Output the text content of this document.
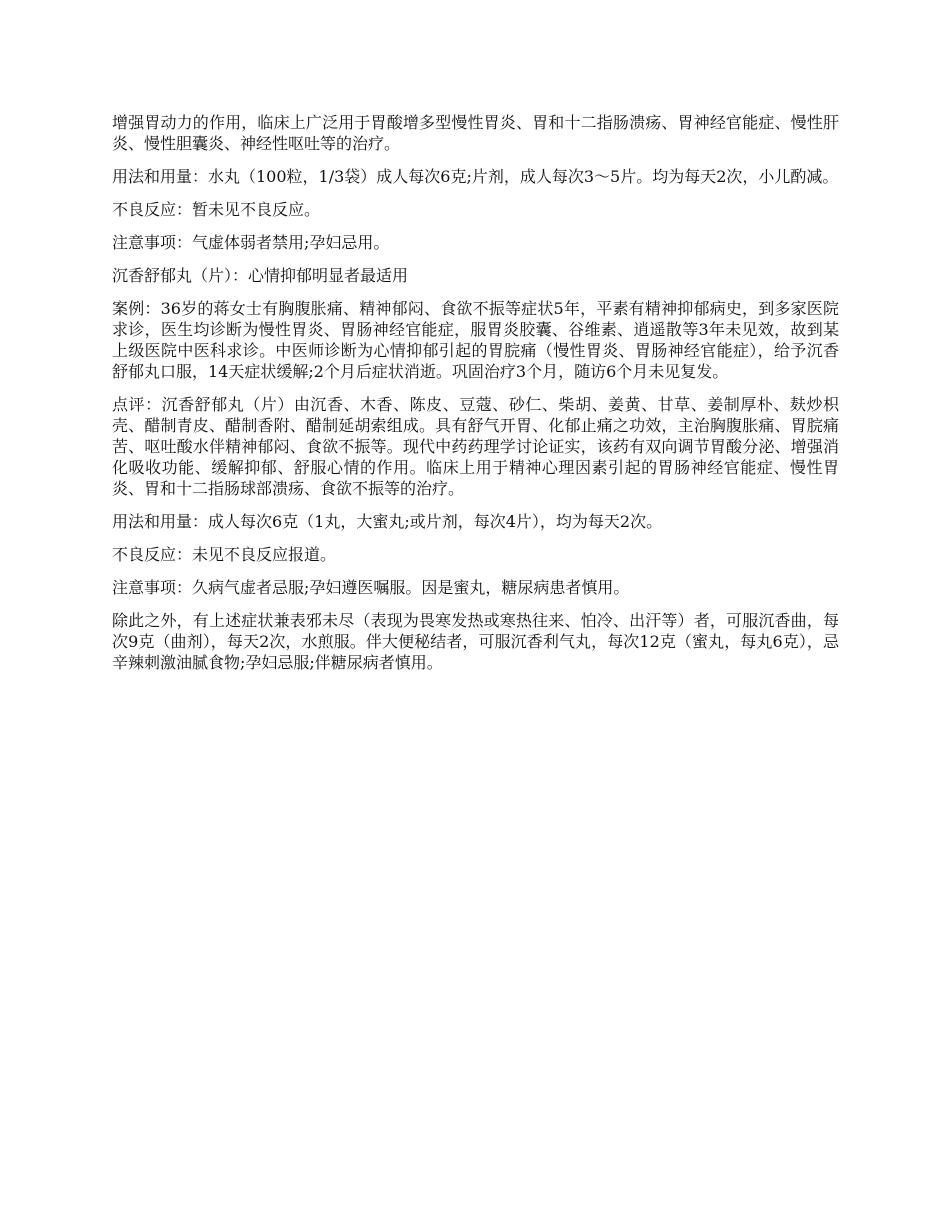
增强胃动力的作用，临床上广泛用于胃酸增多型慢性胃炎、胃和十二指肠溃疡、胃神经官能症、慢性肝炎、慢性胆囊炎、神经性呕吐等的治疗。

用法和用量：水丸（100粒，1/3袋）成人每次6克;片剂，成人每次3～5片。均为每天2次，小儿酌减。

不良反应：暂未见不良反应。

注意事项：气虚体弱者禁用;孕妇忌用。

沉香舒郁丸（片）：心情抑郁明显者最适用

案例：36岁的蒋女士有胸腹胀痛、精神郁闷、食欲不振等症状5年，平素有精神抑郁病史，到多家医院求诊，医生均诊断为慢性胃炎、胃肠神经官能症，服胃炎胶囊、谷维素、逍遥散等3年未见效，故到某上级医院中医科求诊。中医师诊断为心情抑郁引起的胃脘痛（慢性胃炎、胃肠神经官能症），给予沉香舒郁丸口服，14天症状缓解;2个月后症状消逝。巩固治疗3个月，随访6个月未见复发。

点评：沉香舒郁丸（片）由沉香、木香、陈皮、豆蔻、砂仁、柴胡、姜黄、甘草、姜制厚朴、麸炒枳壳、醋制青皮、醋制香附、醋制延胡索组成。具有舒气开胃、化郁止痛之功效，主治胸腹胀痛、胃脘痛苦、呕吐酸水伴精神郁闷、食欲不振等。现代中药药理学讨论证实，该药有双向调节胃酸分泌、增强消化吸收功能、缓解抑郁、舒服心情的作用。临床上用于精神心理因素引起的胃肠神经官能症、慢性胃炎、胃和十二指肠球部溃疡、食欲不振等的治疗。

用法和用量：成人每次6克（1丸，大蜜丸;或片剂，每次4片），均为每天2次。

不良反应：未见不良反应报道。

注意事项：久病气虚者忌服;孕妇遵医嘱服。因是蜜丸，糖尿病患者慎用。

除此之外，有上述症状兼表邪未尽（表现为畏寒发热或寒热往来、怕冷、出汗等）者，可服沉香曲，每次9克（曲剂），每天2次，水煎服。伴大便秘结者，可服沉香利气丸，每次12克（蜜丸，每丸6克），忌辛辣刺激油腻食物;孕妇忌服;伴糖尿病者慎用。
